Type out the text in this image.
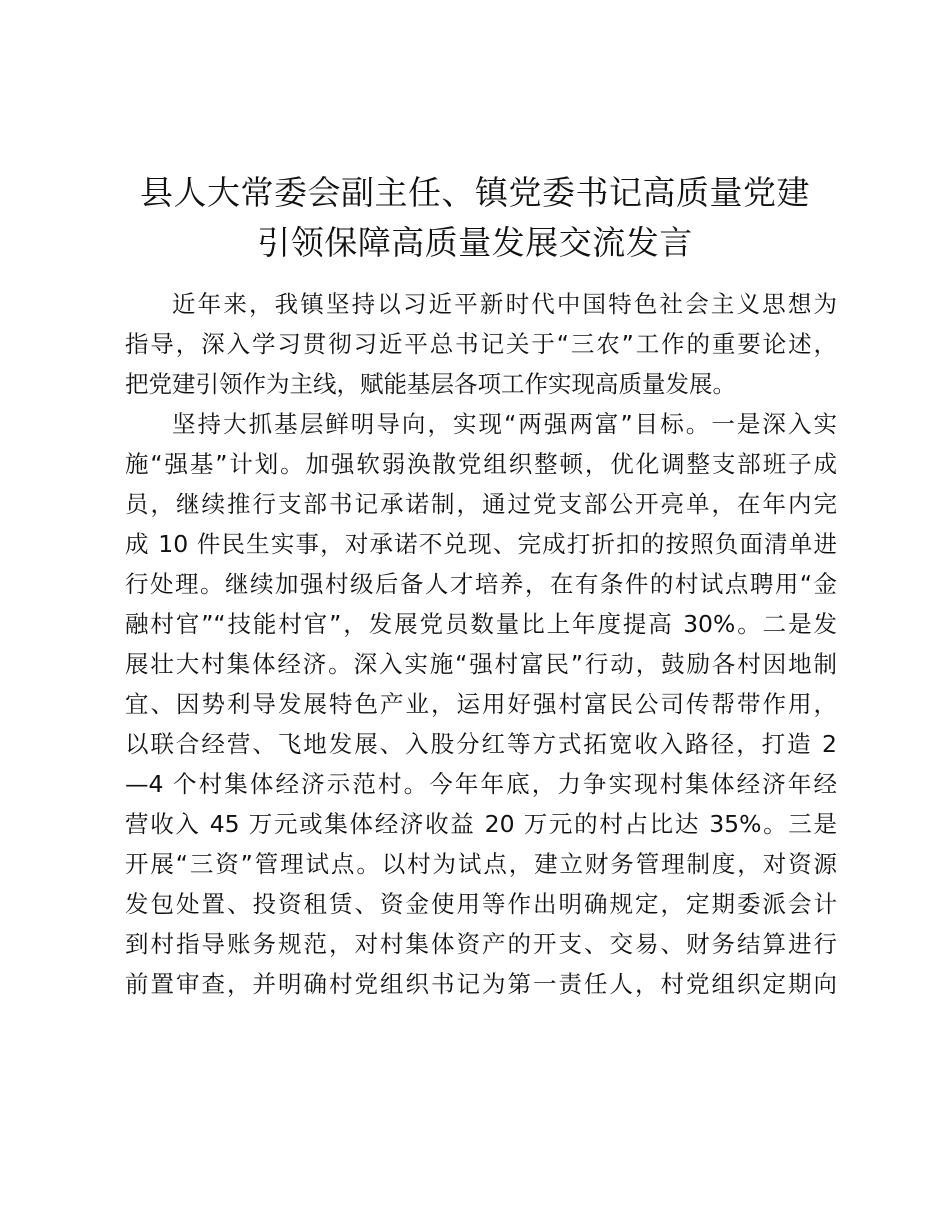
县人大常委会副主任、镇党委书记高质量党建
引领保障高质量发展交流发言

近年来，我镇坚持以习近平新时代中国特色社会主义思想为
指导，深入学习贯彻习近平总书记关于“三农”工作的重要论述，
把党建引领作为主线，赋能基层各项工作实现高质量发展。

坚持大抓基层鲜明导向，实现“两强两富”目标。一是深入实
施“强基”计划。加强软弱涣散党组织整顿，优化调整支部班子成
员，继续推行支部书记承诺制，通过党支部公开亮单，在年内完
成 10 件民生实事，对承诺不兑现、完成打折扣的按照负面清单进
行处理。继续加强村级后备人才培养，在有条件的村试点聘用“金
融村官”“技能村官”，发展党员数量比上年度提高 30%。二是发
展壮大村集体经济。深入实施“强村富民”行动，鼓励各村因地制
宜、因势利导发展特色产业，运用好强村富民公司传帮带作用，
以联合经营、飞地发展、入股分红等方式拓宽收入路径，打造 2
—4 个村集体经济示范村。今年年底，力争实现村集体经济年经
营收入 45 万元或集体经济收益 20 万元的村占比达 35%。三是
开展“三资”管理试点。以村为试点，建立财务管理制度，对资源
发包处置、投资租赁、资金使用等作出明确规定，定期委派会计
到村指导账务规范，对村集体资产的开支、交易、财务结算进行
前置审查，并明确村党组织书记为第一责任人，村党组织定期向
